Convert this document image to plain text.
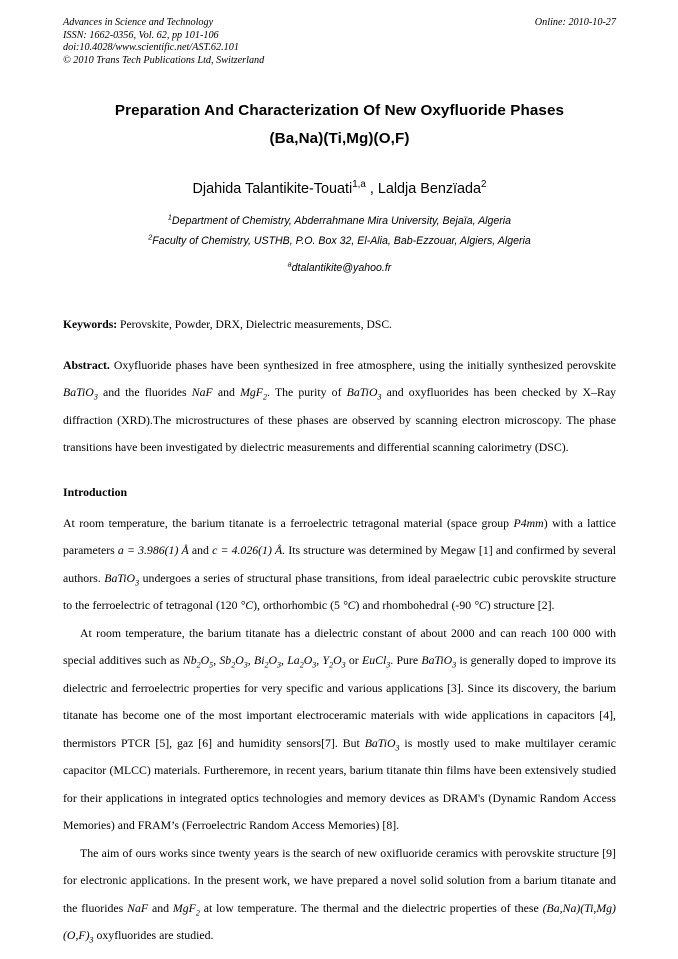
Advances in Science and Technology
ISSN: 1662-0356, Vol. 62, pp 101-106
doi:10.4028/www.scientific.net/AST.62.101
© 2010 Trans Tech Publications Ltd, Switzerland
Online: 2010-10-27
Preparation And Characterization Of New Oxyfluoride Phases
(Ba,Na)(Ti,Mg)(O,F)
Djahida Talantikite-Touati$^{1,a}$ , Laldja Benzïada$^2$
$^1$Department of Chemistry, Abderrahmane Mira University, Bejaïa, Algeria
$^2$Faculty of Chemistry, USTHB, P.O. Box 32, El-Alia, Bab-Ezzouar, Algiers, Algeria
$^a$dtalantikite@yahoo.fr
Keywords: Perovskite, Powder, DRX, Dielectric measurements, DSC.
Abstract. Oxyfluoride phases have been synthesized in free atmosphere, using the initially synthesized perovskite BaTiO$_3$ and the fluorides NaF and MgF$_2$. The purity of BaTiO$_3$ and oxyfluorides has been checked by X–Ray diffraction (XRD).The microstructures of these phases are observed by scanning electron microscopy. The phase transitions have been investigated by dielectric measurements and differential scanning calorimetry (DSC).
Introduction

At room temperature, the barium titanate is a ferroelectric tetragonal material (space group P4mm) with a lattice parameters a = 3.986(1) Å and c = 4.026(1) Å. Its structure was determined by Megaw [1] and confirmed by several authors. BaTiO$_3$ undergoes a series of structural phase transitions, from ideal paraelectric cubic perovskite structure to the ferroelectric of tetragonal (120 °C), orthorhombic (5 °C) and rhombohedral (-90 °C) structure [2].

At room temperature, the barium titanate has a dielectric constant of about 2000 and can reach 100 000 with special additives such as $Nb_2O_5$, $Sb_2O_3$, $Bi_2O_3$, $La_2O_3$, $Y_2O_3$ or EuCl$_3$. Pure BaTiO$_3$ is generally doped to improve its dielectric and ferroelectric properties for very specific and various applications [3]. Since its discovery, the barium titanate has become one of the most important electroceramic materials with wide applications in capacitors [4], thermistors PTCR [5], gaz [6] and humidity sensors[7]. But BaTiO$_3$ is mostly used to make multilayer ceramic capacitor (MLCC) materials. Furtheremore, in recent years, barium titanate thin films have been extensively studied for their applications in integrated optics technologies and memory devices as DRAM's (Dynamic Random Access Memories) and FRAM’s (Ferroelectric Random Access Memories) [8].

The aim of ours works since twenty years is the search of new oxifluoride ceramics with perovskite structure [9] for electronic applications. In the present work, we have prepared a novel solid solution from a barium titanate and the fluorides NaF and MgF$_2$ at low temperature. The thermal and the dielectric properties of these $(Ba,Na)(Ti,Mg)(O,F)_3$ oxyfluorides are studied.
